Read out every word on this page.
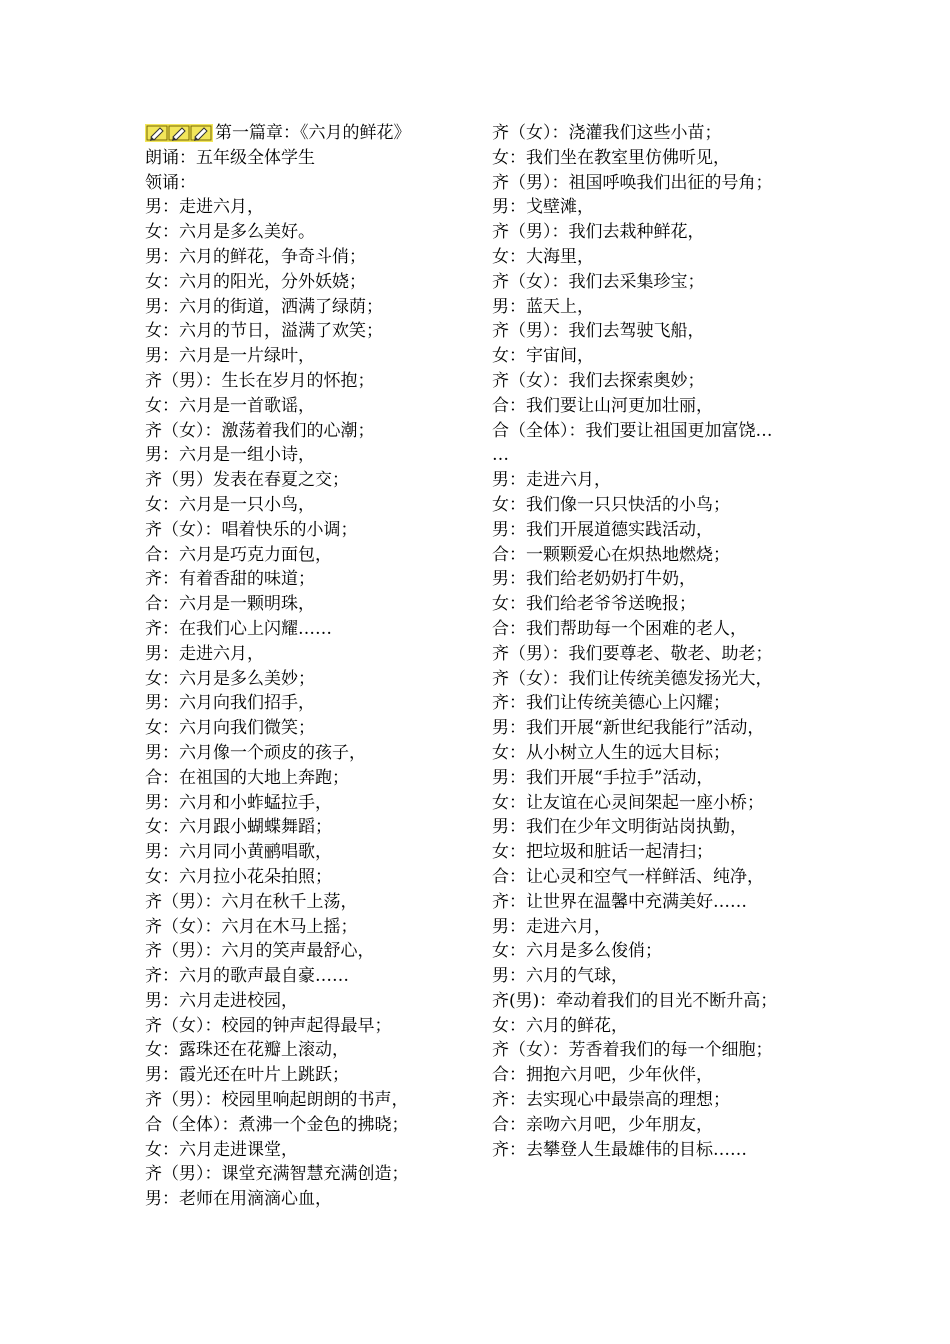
第一篇章：《六月的鲜花》
朗诵：五年级全体学生
领诵：
男：走进六月，
女：六月是多么美好。
男：六月的鲜花，争奇斗俏；
女：六月的阳光，分外妖娆；
男：六月的街道，洒满了绿荫；
女：六月的节日，溢满了欢笑；
男：六月是一片绿叶，
齐（男）：生长在岁月的怀抱；
女：六月是一首歌谣，
齐（女）：激荡着我们的心潮；
男：六月是一组小诗，
齐（男）发表在春夏之交；
女：六月是一只小鸟，
齐（女）：唱着快乐的小调；
合：六月是巧克力面包，
齐：有着香甜的味道；
合：六月是一颗明珠，
齐：在我们心上闪耀……
男：走进六月，
女：六月是多么美妙；
男：六月向我们招手，
女：六月向我们微笑；
男：六月像一个顽皮的孩子，
合：在祖国的大地上奔跑；
男：六月和小蚱蜢拉手，
女：六月跟小蝴蝶舞蹈；
男：六月同小黄鹂唱歌，
女：六月拉小花朵拍照；
齐（男）：六月在秋千上荡，
齐（女）：六月在木马上摇；
齐（男）：六月的笑声最舒心，
齐：六月的歌声最自豪……
男：六月走进校园，
齐（女）：校园的钟声起得最早；
女：露珠还在花瓣上滚动，
男：霞光还在叶片上跳跃；
齐（男）：校园里响起朗朗的书声，
合（全体）：煮沸一个金色的拂晓；
女：六月走进课堂，
齐（男）：课堂充满智慧充满创造；
男：老师在用滴滴心血，
齐（女）：浇灌我们这些小苗；
女：我们坐在教室里仿佛听见，
齐（男）：祖国呼唤我们出征的号角；
男：戈壁滩，
齐（男）：我们去栽种鲜花，
女：大海里，
齐（女）：我们去采集珍宝；
男：蓝天上，
齐（男）：我们去驾驶飞船，
女：宇宙间，
齐（女）：我们去探索奥妙；
合：我们要让山河更加壮丽，
合（全体）：我们要让祖国更加富饶…
…
男：走进六月，
女：我们像一只只快活的小鸟；
男：我们开展道德实践活动，
合：一颗颗爱心在炽热地燃烧；
男：我们给老奶奶打牛奶，
女：我们给老爷爷送晚报；
合：我们帮助每一个困难的老人，
齐（男）：我们要尊老、敬老、助老；
齐（女）：我们让传统美德发扬光大，
齐：我们让传统美德心上闪耀；
男：我们开展“新世纪我能行”活动，
女：从小树立人生的远大目标；
男：我们开展“手拉手”活动，
女：让友谊在心灵间架起一座小桥；
男：我们在少年文明街站岗执勤，
女：把垃圾和脏话一起清扫；
合：让心灵和空气一样鲜活、纯净，
齐：让世界在温馨中充满美好……
男：走进六月，
女：六月是多么俊俏；
男：六月的气球，
齐(男)：牵动着我们的目光不断升高；
女：六月的鲜花，
齐（女）：芳香着我们的每一个细胞；
合：拥抱六月吧，少年伙伴，
齐：去实现心中最崇高的理想；
合：亲吻六月吧，少年朋友，
齐：去攀登人生最雄伟的目标……
